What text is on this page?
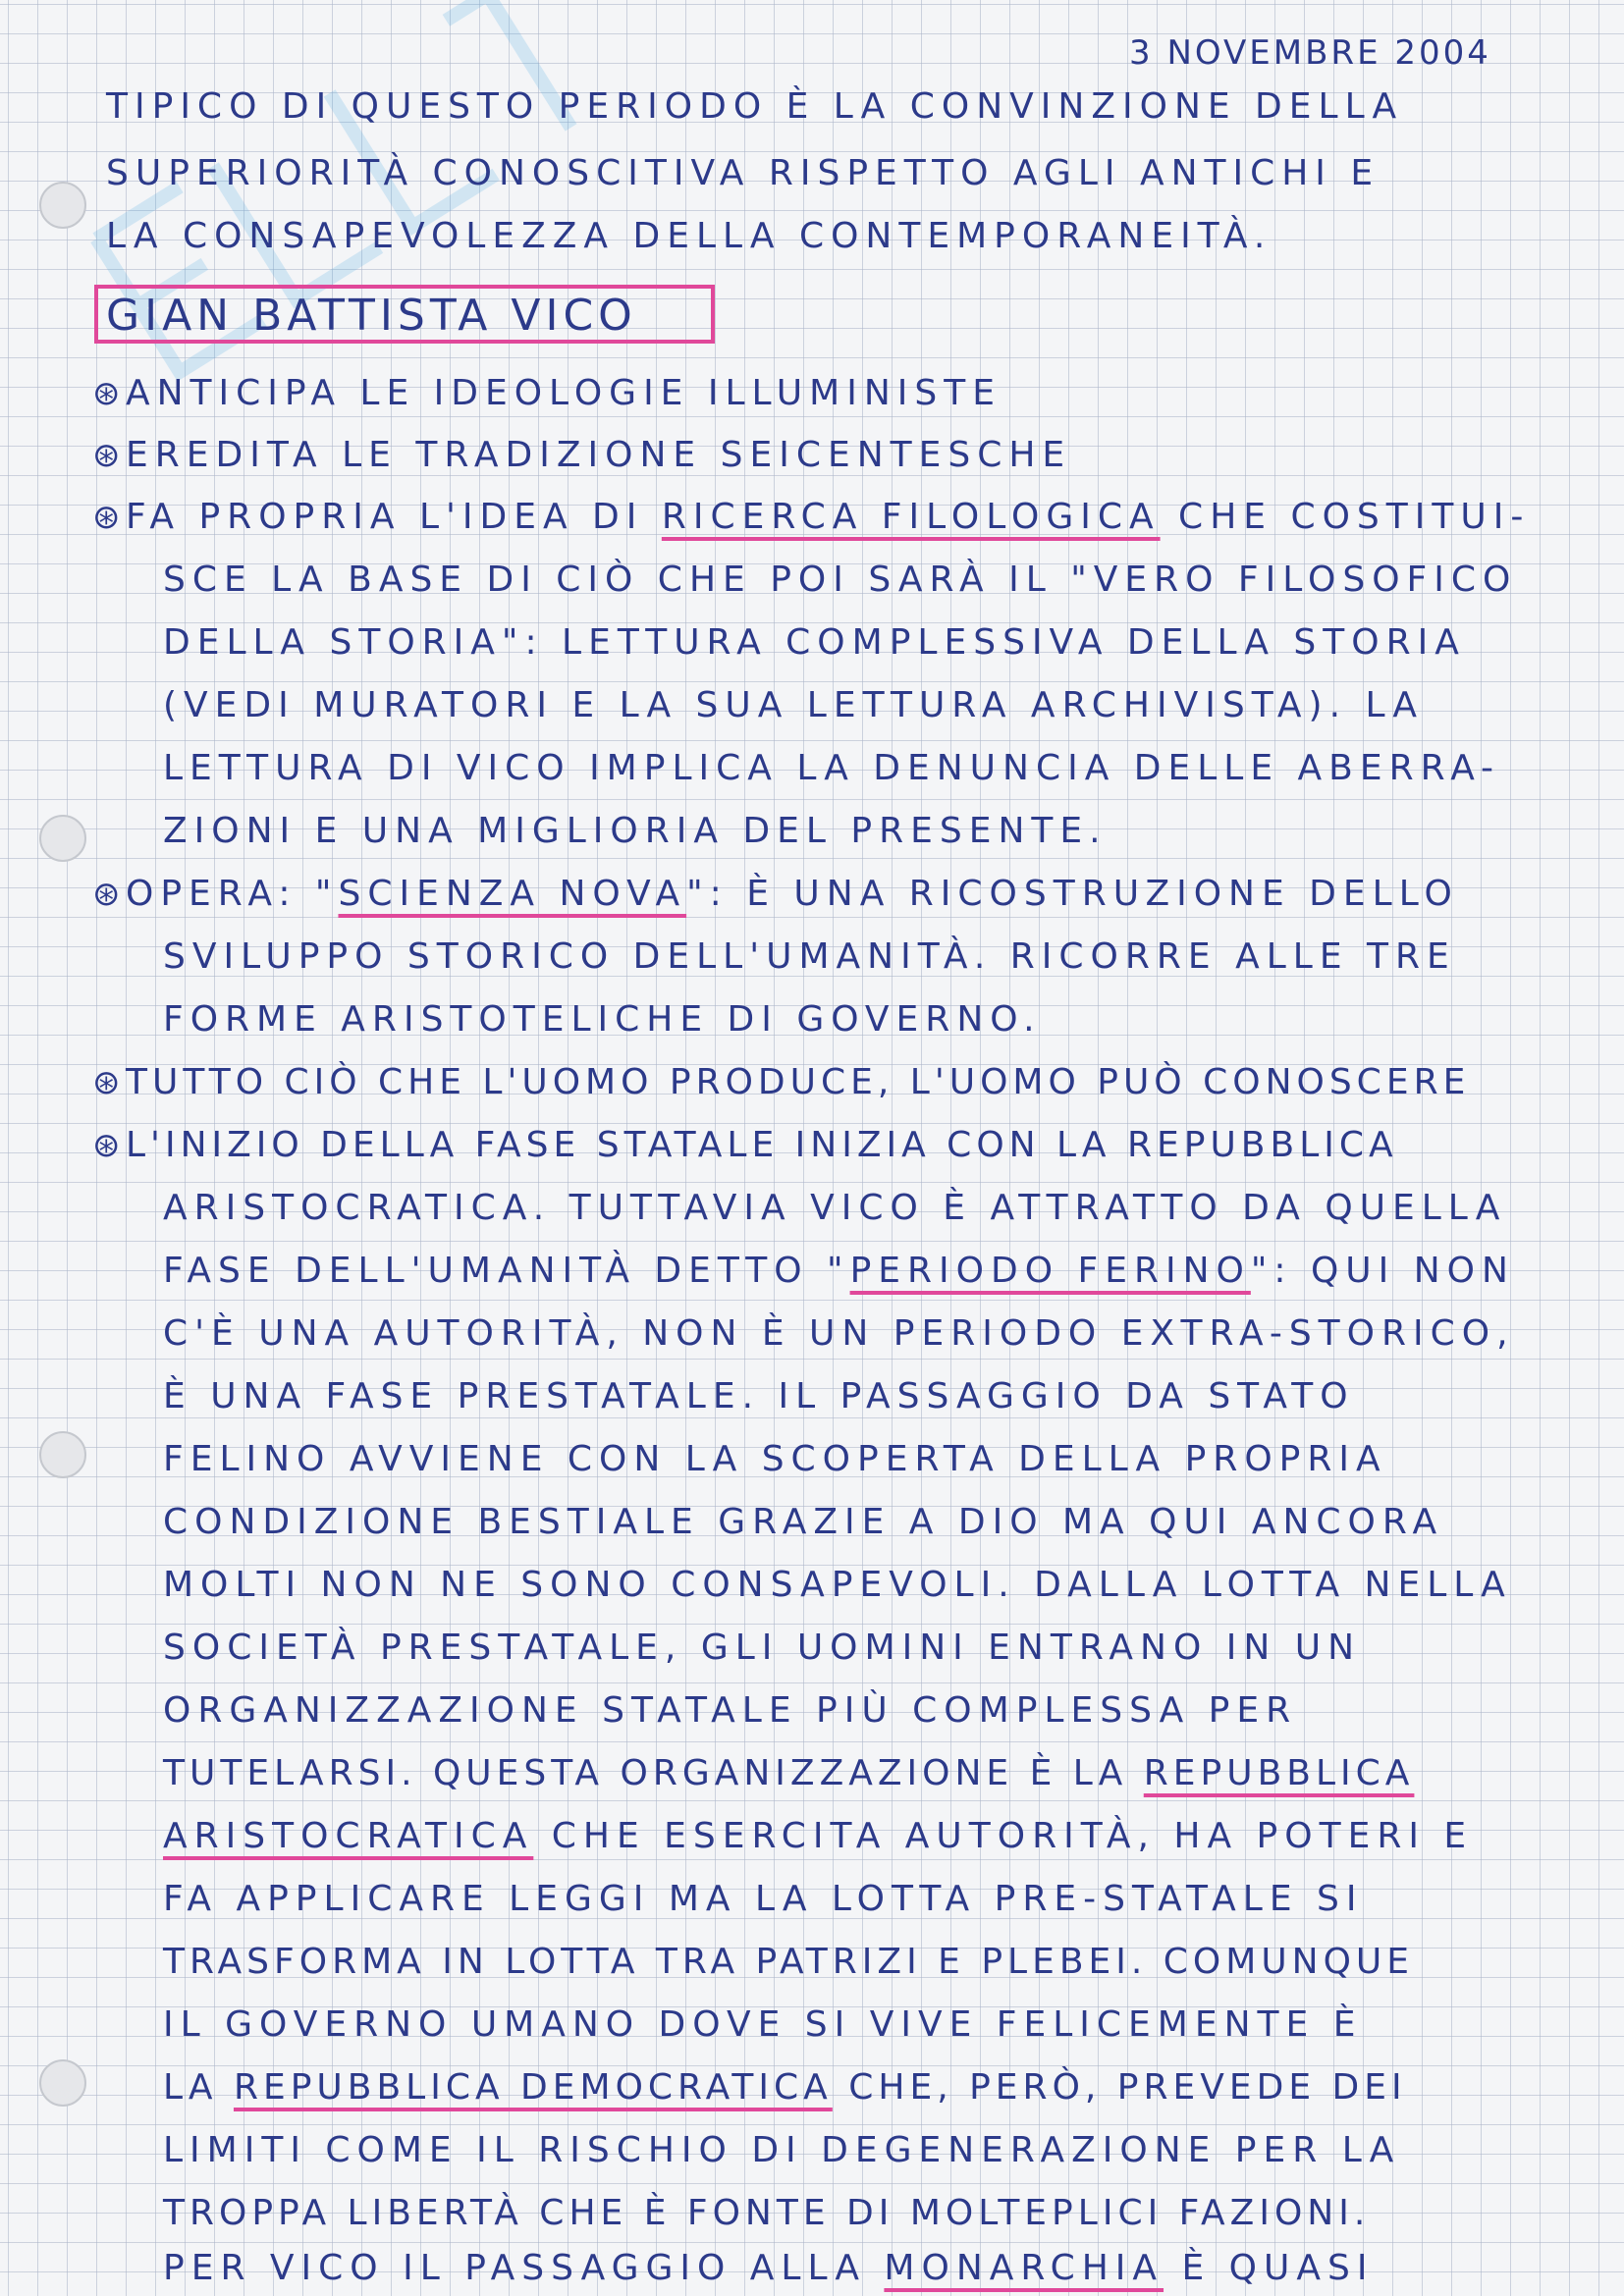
3 NOVEMBRE 2004
TIPICO DI QUESTO PERIODO È LA CONVINZIONE DELLA
SUPERIORITÀ CONOSCITIVA RISPETTO AGLI ANTICHI E
LA CONSAPEVOLEZZA DELLA CONTEMPORANEITÀ.
GIAN BATTISTA VICO
⊛ ANTICIPA LE IDEOLOGIE ILLUMINISTE
⊛ EREDITA LE TRADIZIONE SEICENTESCHE
⊛ FA PROPRIA L'IDEA DI RICERCA FILOLOGICA CHE COSTITUI-
SCE LA BASE DI CIÒ CHE POI SARÀ IL "VERO FILOSOFICO
DELLA STORIA": LETTURA COMPLESSIVA DELLA STORIA
(VEDI MURATORI E LA SUA LETTURA ARCHIVISTA). LA
LETTURA DI VICO IMPLICA LA DENUNCIA DELLE ABERRA-
ZIONI E UNA MIGLIORIA DEL PRESENTE.
⊛ OPERA: "SCIENZA NOVA": È UNA RICOSTRUZIONE DELLO
SVILUPPO STORICO DELL'UMANITÀ. RICORRE ALLE TRE
FORME ARISTOTELICHE DI GOVERNO.
⊛ TUTTO CIÒ CHE L'UOMO PRODUCE, L'UOMO PUÒ CONOSCERE
⊛ L'INIZIO DELLA FASE STATALE INIZIA CON LA REPUBBLICA
ARISTOCRATICA. TUTTAVIA VICO È ATTRATTO DA QUELLA
FASE DELL'UMANITÀ DETTO "PERIODO FERINO": QUI NON
C'È UNA AUTORITÀ, NON È UN PERIODO EXTRA-STORICO,
È UNA FASE PRESTATALE. IL PASSAGGIO DA STATO
FELINO AVVIENE CON LA SCOPERTA DELLA PROPRIA
CONDIZIONE BESTIALE GRAZIE A DIO MA QUI ANCORA
MOLTI NON NE SONO CONSAPEVOLI. DALLA LOTTA NELLA
SOCIETÀ PRESTATALE, GLI UOMINI ENTRANO IN UN
ORGANIZZAZIONE STATALE PIÙ COMPLESSA PER
TUTELARSI. QUESTA ORGANIZZAZIONE È LA REPUBBLICA
ARISTOCRATICA CHE ESERCITA AUTORITÀ, HA POTERI E
FA APPLICARE LEGGI MA LA LOTTA PRE-STATALE SI
TRASFORMA IN LOTTA TRA PATRIZI E PLEBEI. COMUNQUE
IL GOVERNO UMANO DOVE SI VIVE FELICEMENTE È
LA REPUBBLICA DEMOCRATICA CHE, PERÒ, PREVEDE DEI
LIMITI COME IL RISCHIO DI DEGENERAZIONE PER LA
TROPPA LIBERTÀ CHE È FONTE DI MOLTEPLICI FAZIONI.
PER VICO IL PASSAGGIO ALLA MONARCHIA È QUASI
